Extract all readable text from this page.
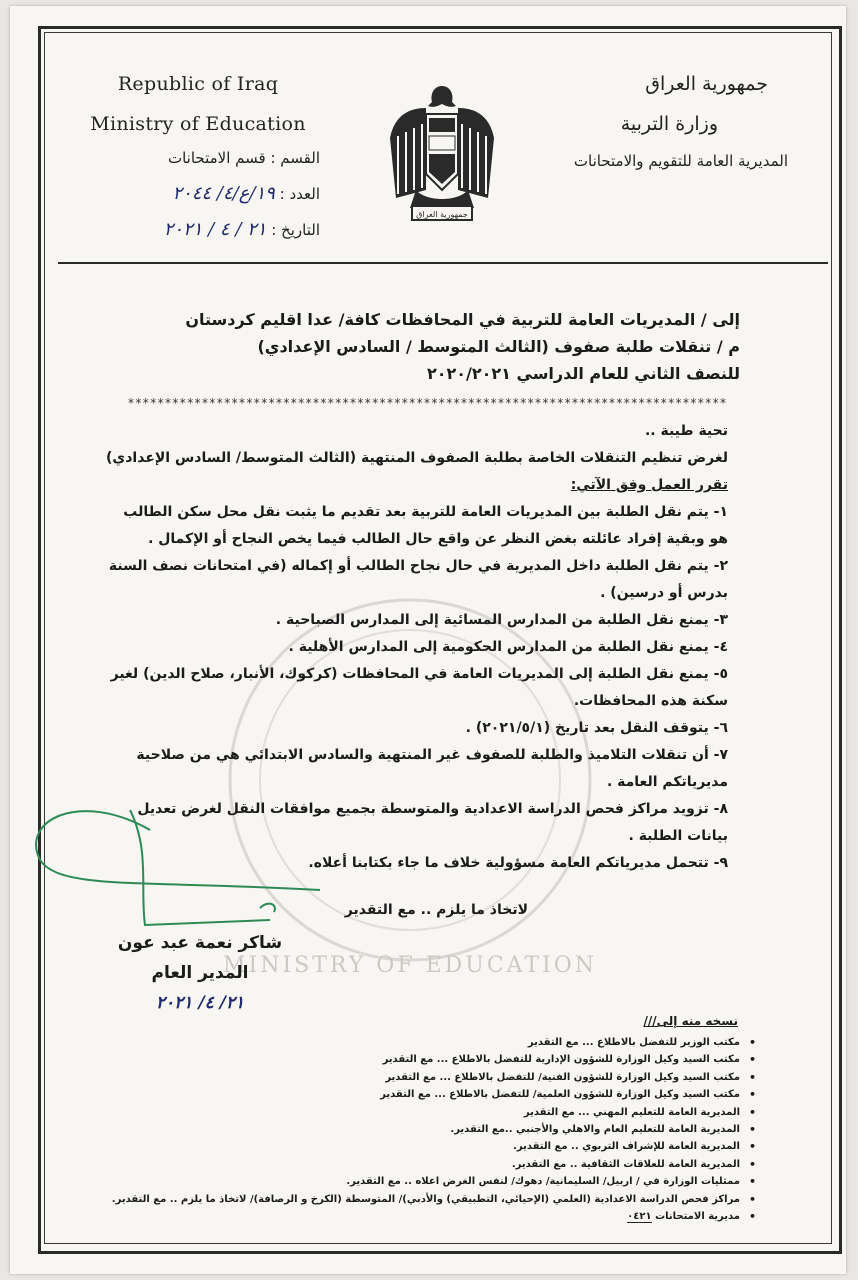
MINISTRY OF EDUCATION
Republic of Iraq
Ministry of Education
جمهورية العراق
وزارة التربية
المديرية العامة للتقويم والامتحانات
جمهورية العراق
القسم : قسم الامتحانات
العدد : ١٩/ع/٤/ ٢٠٤٤
التاريخ : ٢١ / ٤ / ٢٠٢١
إلى / المديريات العامة للتربية في المحافظات كافة/ عدا اقليم كردستان
م / تنقلات طلبة صفوف (الثالث المتوسط / السادس الإعدادي)
للنصف الثاني للعام الدراسي ٢٠٢٠/٢٠٢١
*********************************************************************************

تحية طيبة ..

لغرض تنظيم التنقلات الخاصة بطلبة الصفوف المنتهية (الثالث المتوسط/ السادس الإعدادي)

تقرر العمل وفق الآتي:

١- يتم نقل الطلبة بين المديريات العامة للتربية بعد تقديم ما يثبت نقل محل سكن الطالب هو وبقية إفراد عائلته بغض النظر عن واقع حال الطالب فيما يخص النجاح أو الإكمال .

٢- يتم نقل الطلبة داخل المديرية في حال نجاح الطالب أو إكماله (في امتحانات نصف السنة بدرس أو درسين) .

٣- يمنع نقل الطلبة من المدارس المسائية إلى المدارس الصباحية .

٤- يمنع نقل الطلبة من المدارس الحكومية إلى المدارس الأهلية .

٥- يمنع نقل الطلبة إلى المديريات العامة في المحافظات (كركوك، الأنبار، صلاح الدين) لغير سكنة هذه المحافظات.

٦- يتوقف النقل بعد تاريخ (٢٠٢١/٥/١) .

٧- أن تنقلات التلاميذ والطلبة للصفوف غير المنتهية والسادس الابتدائي هي من صلاحية مديرياتكم العامة .

٨- تزويد مراكز فحص الدراسة الاعدادية والمتوسطة بجميع موافقات النقل لغرض تعديل بيانات الطلبة .

٩- تتحمل مديرياتكم العامة مسؤولية خلاف ما جاء بكتابنا أعلاه.

لاتخاذ ما يلزم .. مع التقدير
شاكر نعمة عبد عون
المدير العام
٢١/ ٤/ ٢٠٢١
نسخه منه إلى///
• مكتب الوزير للتفضل بالاطلاع ... مع التقدير
• مكتب السيد وكيل الوزارة للشؤون الإدارية للتفضل بالاطلاع ... مع التقدير
• مكتب السيد وكيل الوزارة للشؤون الفنية/ للتفضل بالاطلاع ... مع التقدير
• مكتب السيد وكيل الوزارة للشؤون العلمية/ للتفضل بالاطلاع ... مع التقدير
• المديرية العامة للتعليم المهني ... مع التقدير
• المديرية العامة للتعليم العام والاهلي والأجنبي ..مع التقدير.
• المديرية العامة للإشراف التربوي .. مع التقدير.
• المديرية العامة للعلاقات الثقافية .. مع التقدير.
• ممثليات الوزارة في / اربيل/ السليمانية/ دهوك/ لنفس الغرض اعلاه .. مع التقدير.
• مراكز فحص الدراسة الاعدادية (العلمي (الإحيائي، التطبيقي) والأدبي)/ المتوسطة (الكرخ و الرصافة)/ لاتخاذ ما يلزم .. مع التقدير.
• مديرية الامتحانات ٠٤٢١
